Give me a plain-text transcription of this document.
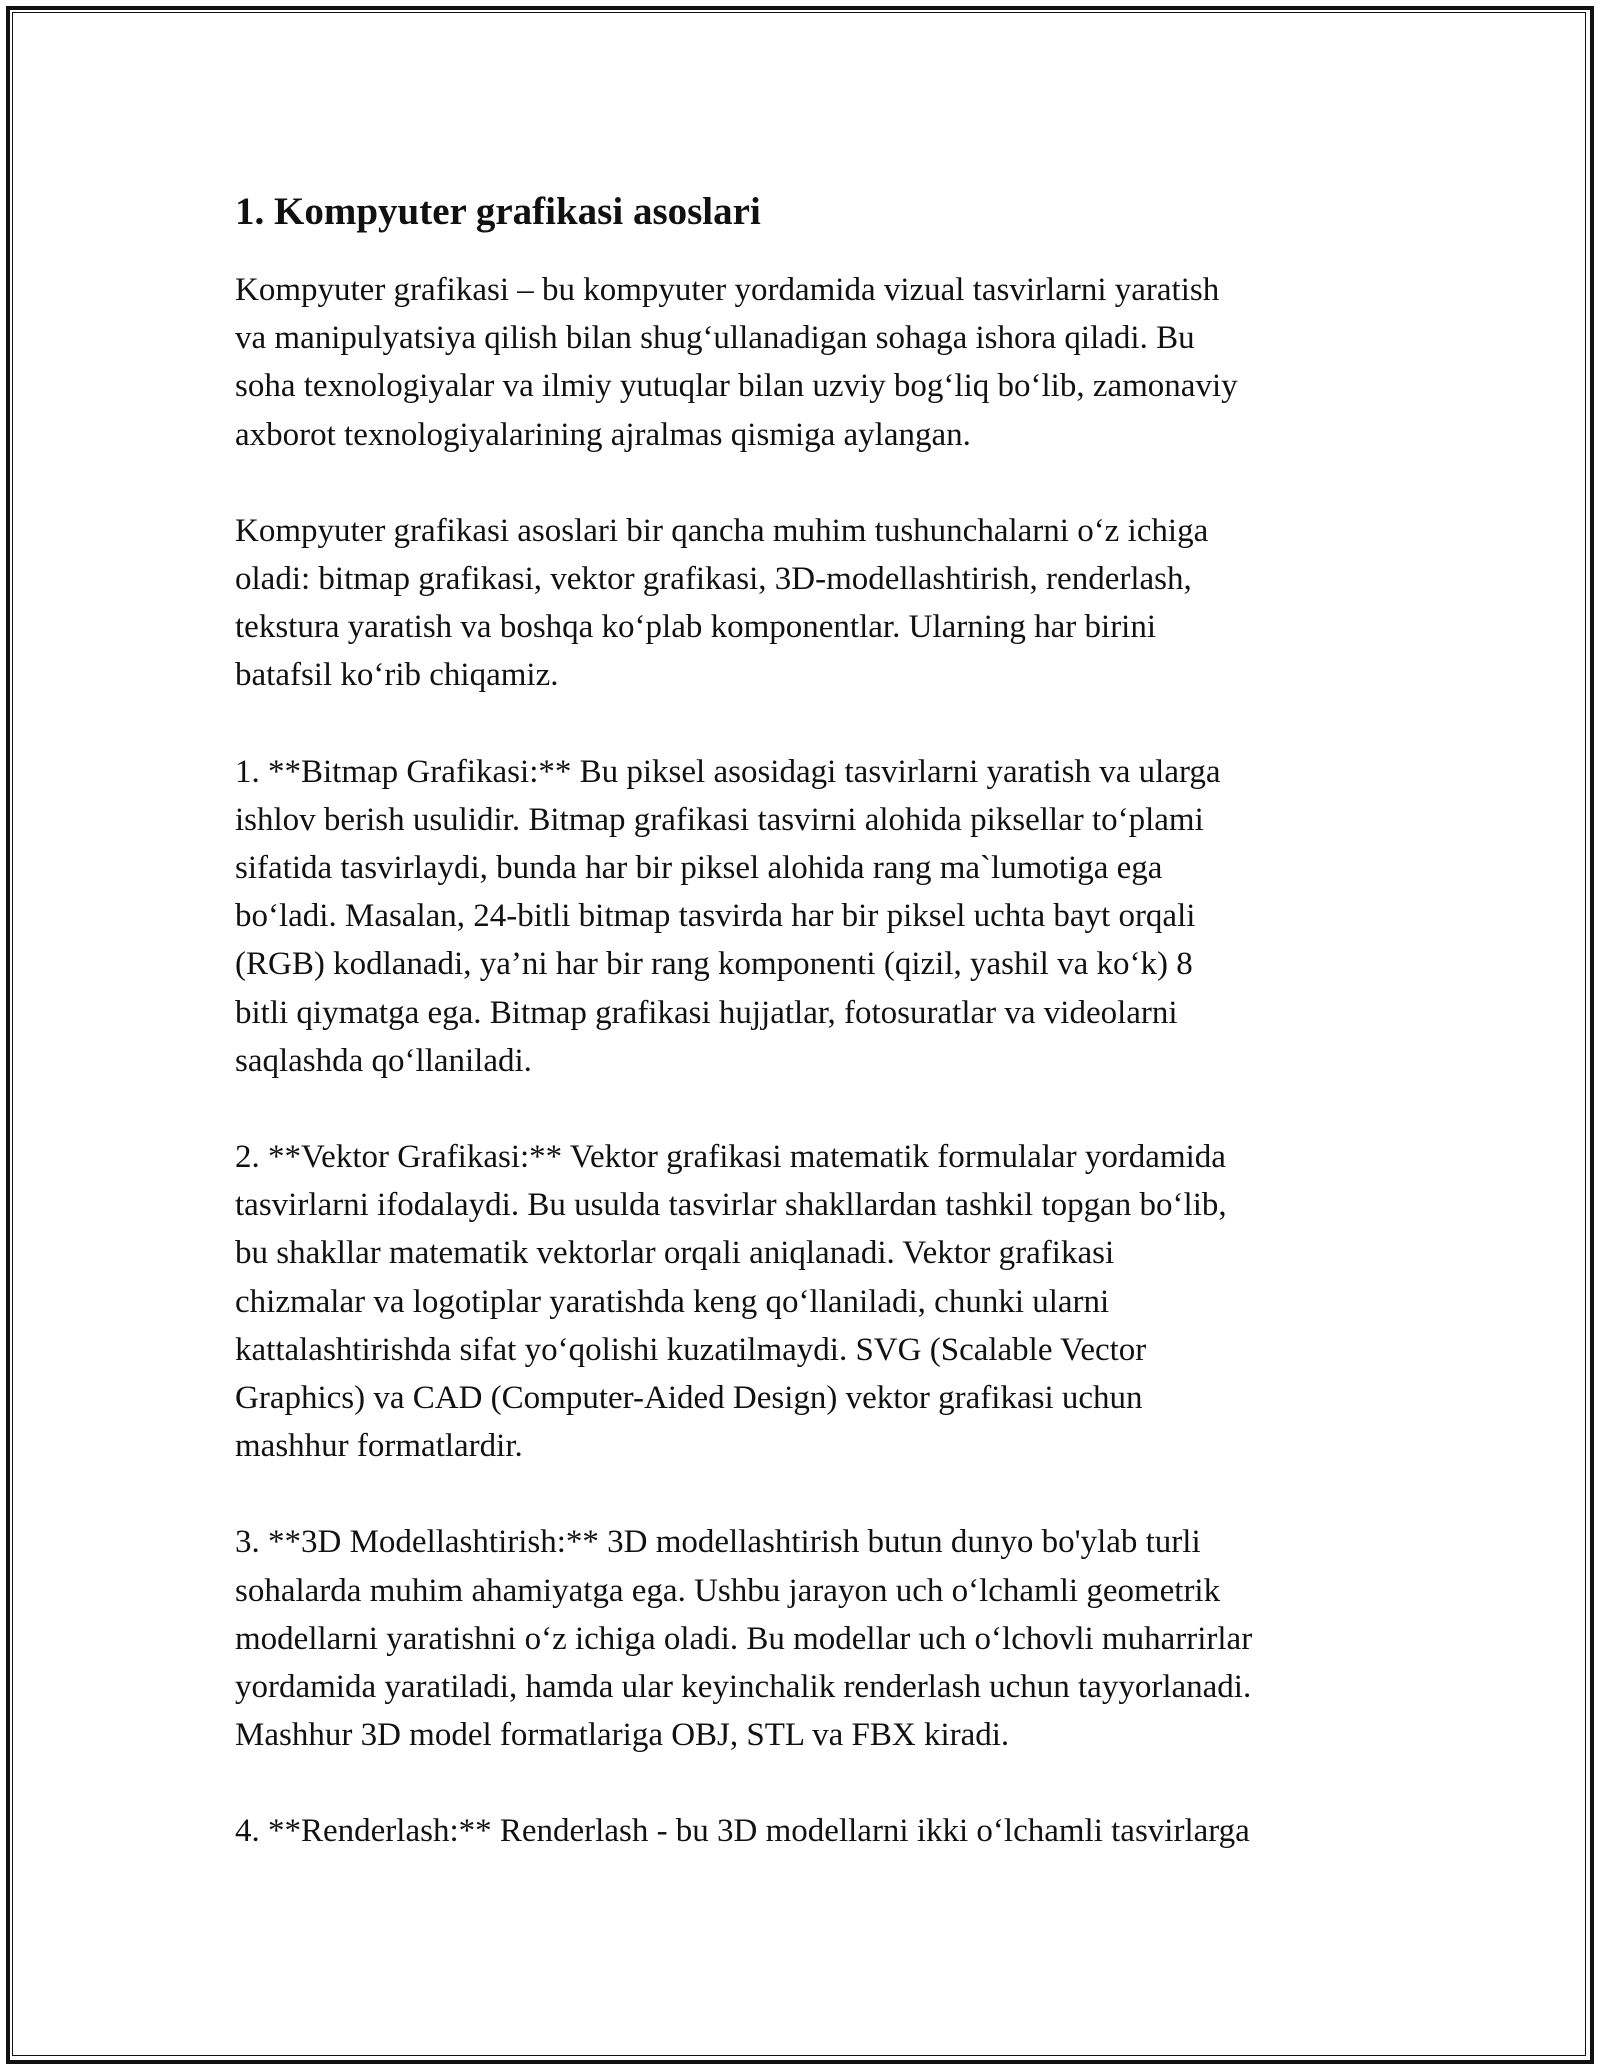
1. Kompyuter grafikasi asoslari
Kompyuter grafikasi – bu kompyuter yordamida vizual tasvirlarni yaratish
va manipulyatsiya qilish bilan shug‘ullanadigan sohaga ishora qiladi. Bu
soha texnologiyalar va ilmiy yutuqlar bilan uzviy bog‘liq bo‘lib, zamonaviy
axborot texnologiyalarining ajralmas qismiga aylangan.
Kompyuter grafikasi asoslari bir qancha muhim tushunchalarni o‘z ichiga
oladi: bitmap grafikasi, vektor grafikasi, 3D-modellashtirish, renderlash,
tekstura yaratish va boshqa ko‘plab komponentlar. Ularning har birini
batafsil ko‘rib chiqamiz.
1. **Bitmap Grafikasi:** Bu piksel asosidagi tasvirlarni yaratish va ularga
ishlov berish usulidir. Bitmap grafikasi tasvirni alohida piksellar to‘plami
sifatida tasvirlaydi, bunda har bir piksel alohida rang ma`lumotiga ega
bo‘ladi. Masalan, 24-bitli bitmap tasvirda har bir piksel uchta bayt orqali
(RGB) kodlanadi, ya’ni har bir rang komponenti (qizil, yashil va ko‘k) 8
bitli qiymatga ega. Bitmap grafikasi hujjatlar, fotosuratlar va videolarni
saqlashda qo‘llaniladi.
2. **Vektor Grafikasi:** Vektor grafikasi matematik formulalar yordamida
tasvirlarni ifodalaydi. Bu usulda tasvirlar shakllardan tashkil topgan bo‘lib,
bu shakllar matematik vektorlar orqali aniqlanadi. Vektor grafikasi
chizmalar va logotiplar yaratishda keng qo‘llaniladi, chunki ularni
kattalashtirishda sifat yo‘qolishi kuzatilmaydi. SVG (Scalable Vector
Graphics) va CAD (Computer-Aided Design) vektor grafikasi uchun
mashhur formatlardir.
3. **3D Modellashtirish:** 3D modellashtirish butun dunyo bo'ylab turli
sohalarda muhim ahamiyatga ega. Ushbu jarayon uch o‘lchamli geometrik
modellarni yaratishni o‘z ichiga oladi. Bu modellar uch o‘lchovli muharrirlar
yordamida yaratiladi, hamda ular keyinchalik renderlash uchun tayyorlanadi.
Mashhur 3D model formatlariga OBJ, STL va FBX kiradi.
4. **Renderlash:** Renderlash - bu 3D modellarni ikki o‘lchamli tasvirlarga
